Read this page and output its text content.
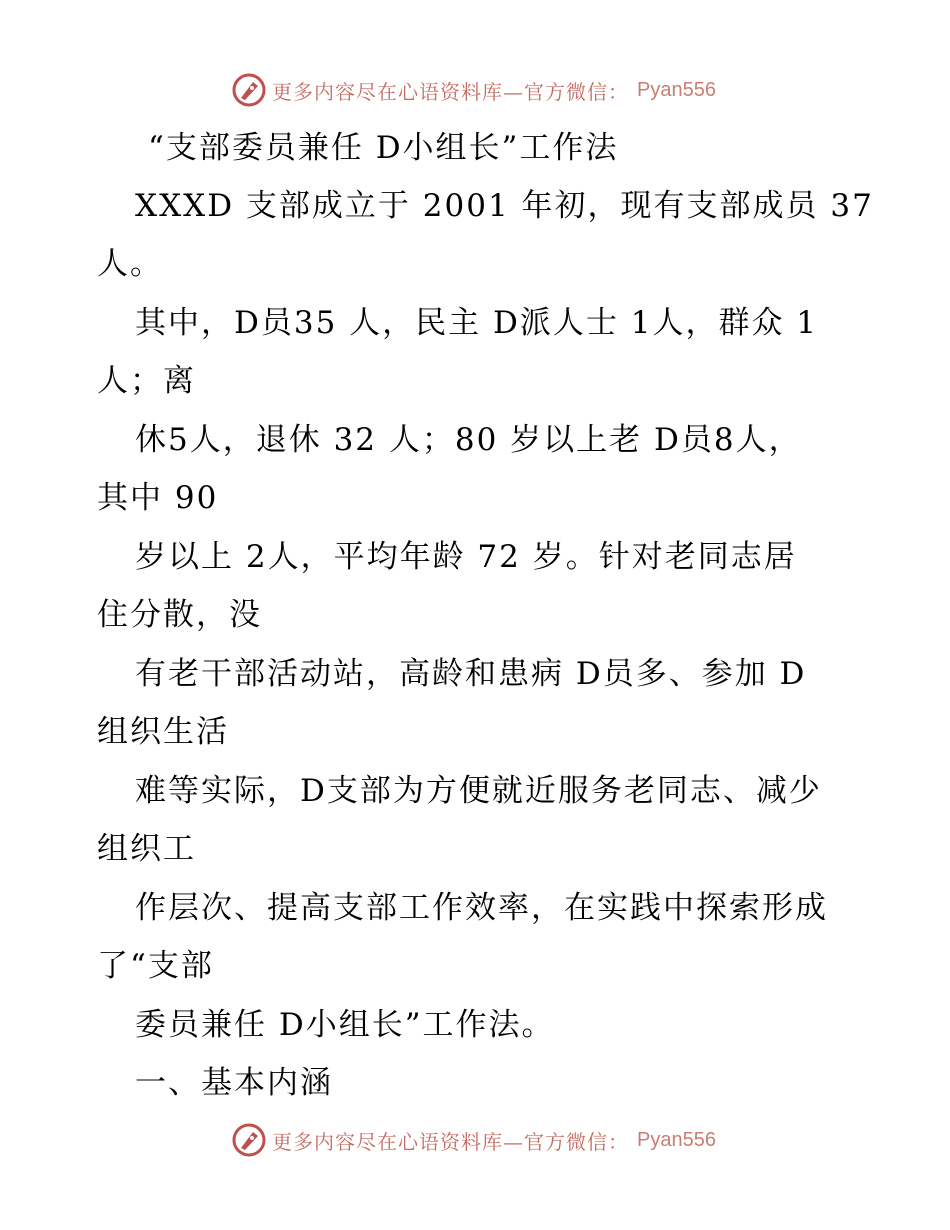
更多内容尽在心语资料库—官方微信： Pyan556
“支部委员兼任 D小组长”工作法
XXXD 支部成立于 2001 年初，现有支部成员 37
人。
其中，D员35 人，民主 D派人士 1人，群众 1
人；离
休5人，退休 32 人；80 岁以上老 D员8人，
其中 90
岁以上 2人，平均年龄 72 岁。针对老同志居
住分散，没
有老干部活动站，高龄和患病 D员多、参加 D
组织生活
难等实际，D支部为方便就近服务老同志、减少
组织工
作层次、提高支部工作效率，在实践中探索形成
了“支部
委员兼任 D小组长”工作法。
一、基本内涵
更多内容尽在心语资料库—官方微信： Pyan556
